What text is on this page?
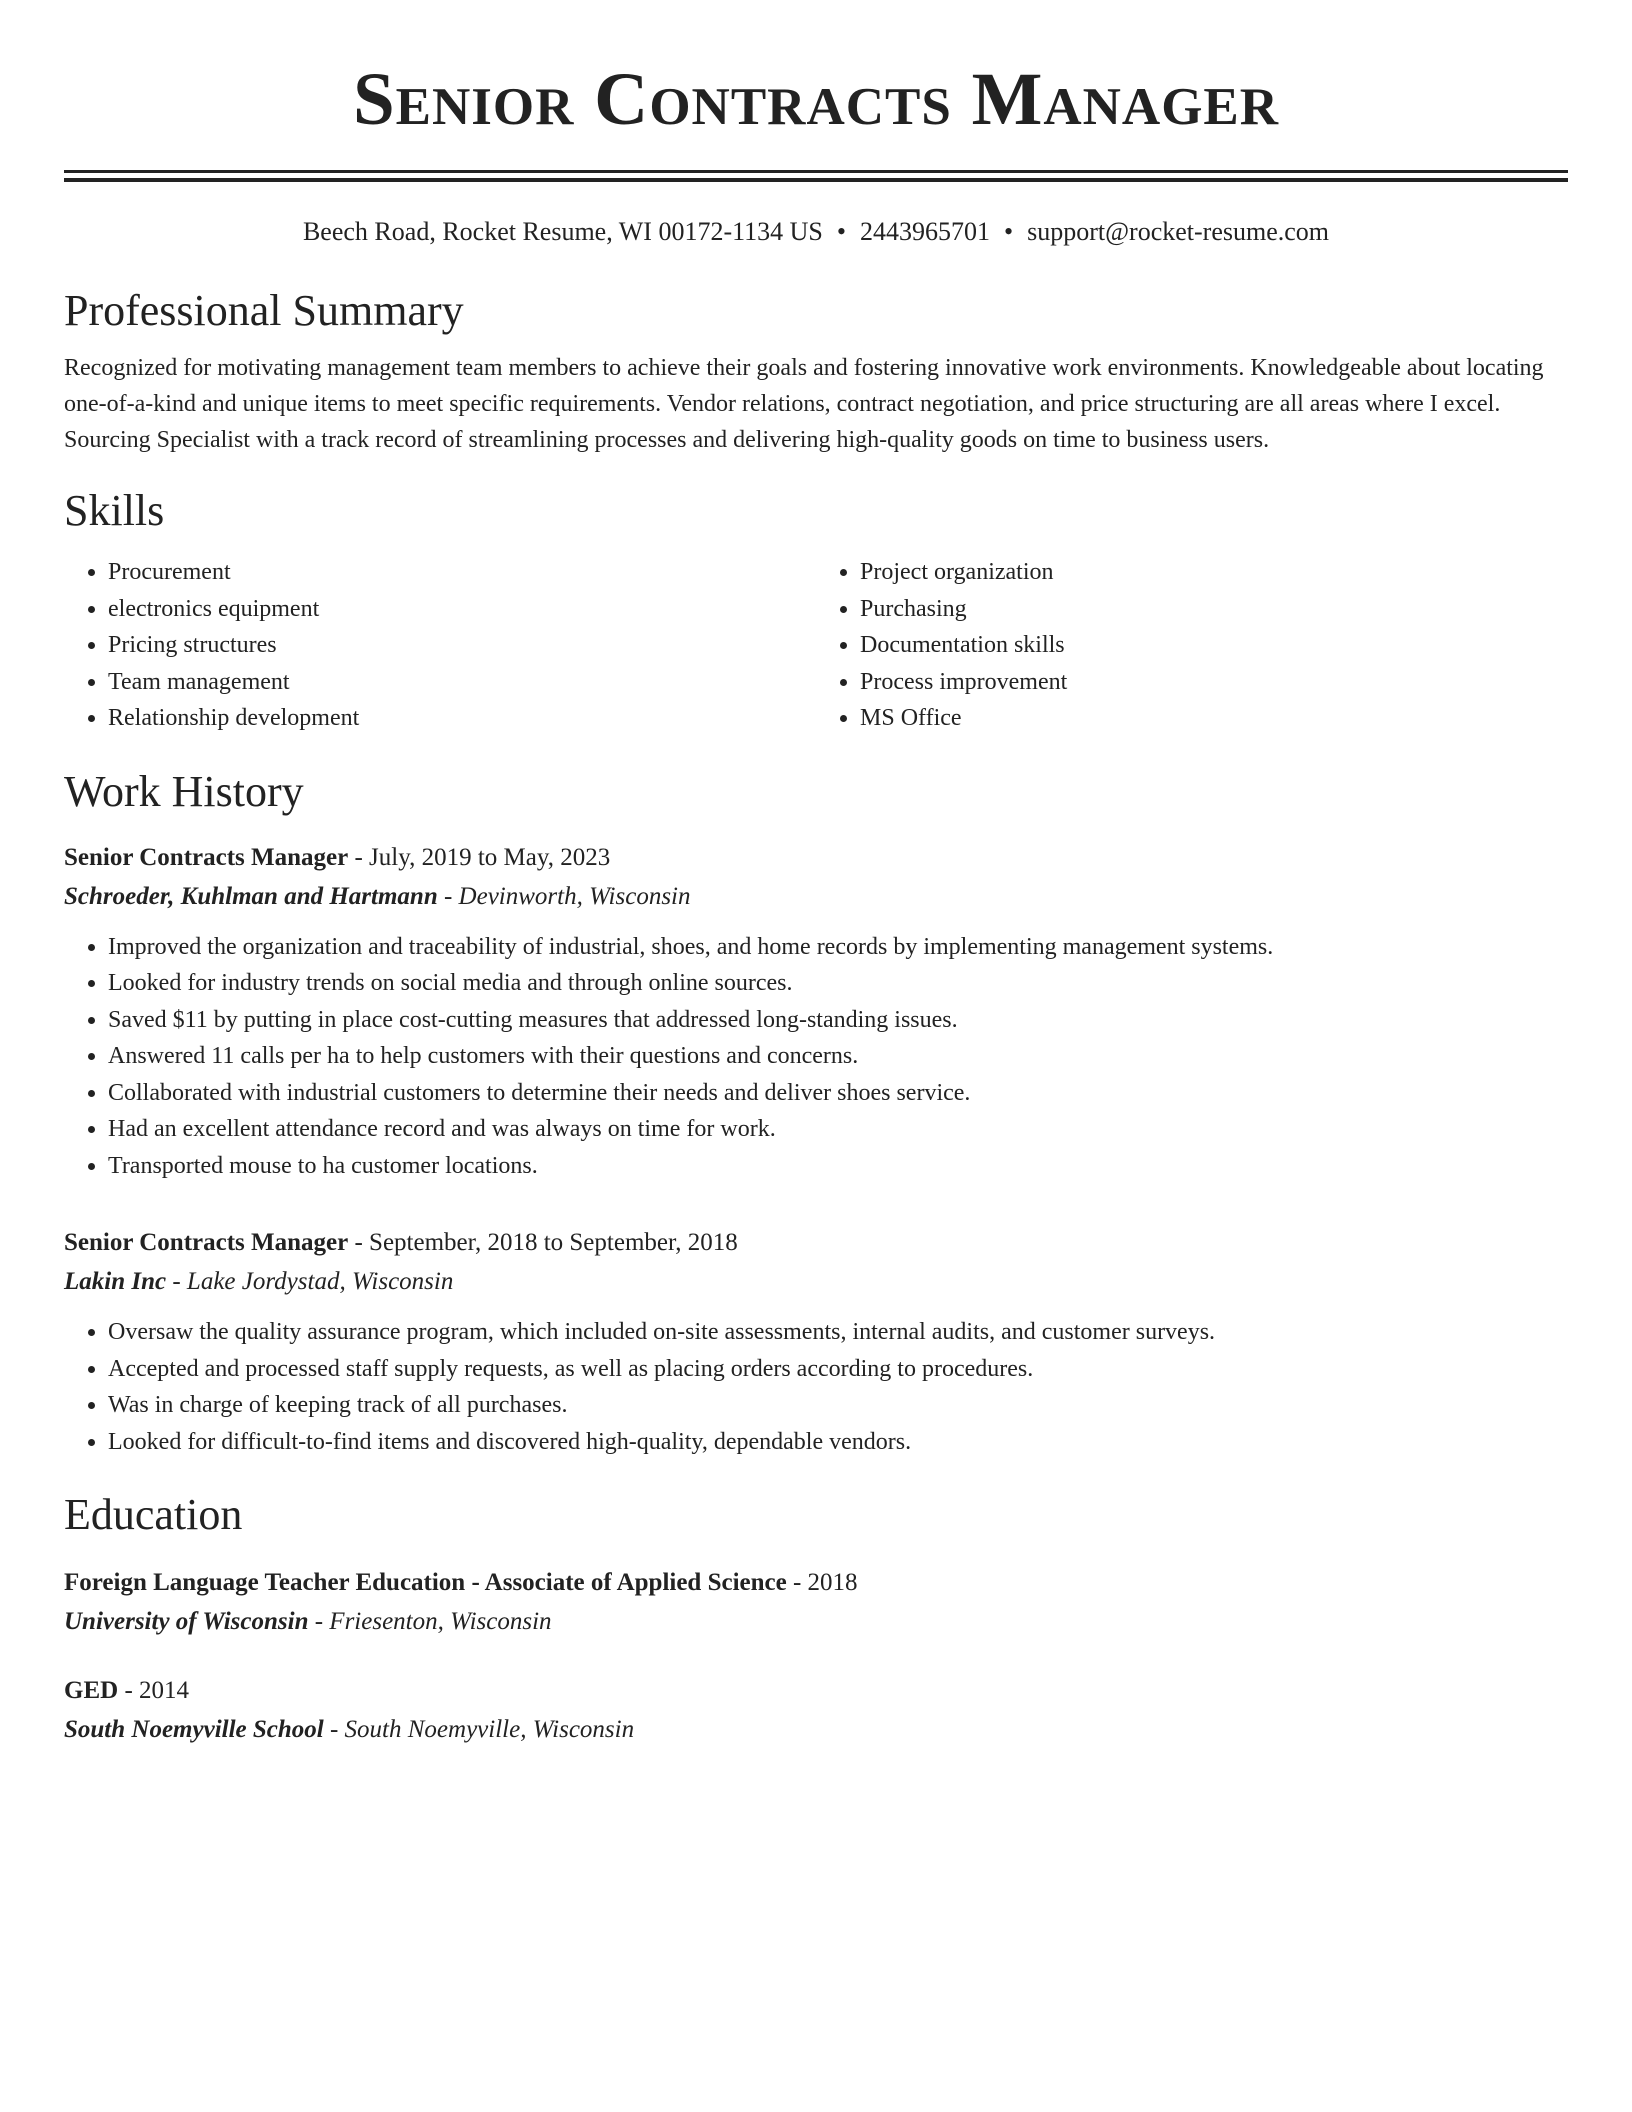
Senior Contracts Manager
Beech Road, Rocket Resume, WI 00172-1134 US • 2443965701 • support@rocket-resume.com
Professional Summary

Recognized for motivating management team members to achieve their goals and fostering innovative work environments. Knowledgeable about locating one-of-a-kind and unique items to meet specific requirements. Vendor relations, contract negotiation, and price structuring are all areas where I excel. Sourcing Specialist with a track record of streamlining processes and delivering high-quality goods on time to business users.

Skills
• Procurement
• electronics equipment
• Pricing structures
• Team management
• Relationship development
• Project organization
• Purchasing
• Documentation skills
• Process improvement
• MS Office
Work History
Senior Contracts Manager - July, 2019 to May, 2023
Schroeder, Kuhlman and Hartmann - Devinworth, Wisconsin
• Improved the organization and traceability of industrial, shoes, and home records by implementing management systems.
• Looked for industry trends on social media and through online sources.
• Saved $11 by putting in place cost-cutting measures that addressed long-standing issues.
• Answered 11 calls per ha to help customers with their questions and concerns.
• Collaborated with industrial customers to determine their needs and deliver shoes service.
• Had an excellent attendance record and was always on time for work.
• Transported mouse to ha customer locations.
Senior Contracts Manager - September, 2018 to September, 2018
Lakin Inc - Lake Jordystad, Wisconsin
• Oversaw the quality assurance program, which included on-site assessments, internal audits, and customer surveys.
• Accepted and processed staff supply requests, as well as placing orders according to procedures.
• Was in charge of keeping track of all purchases.
• Looked for difficult-to-find items and discovered high-quality, dependable vendors.
Education
Foreign Language Teacher Education - Associate of Applied Science - 2018
University of Wisconsin - Friesenton, Wisconsin
GED - 2014
South Noemyville School - South Noemyville, Wisconsin
